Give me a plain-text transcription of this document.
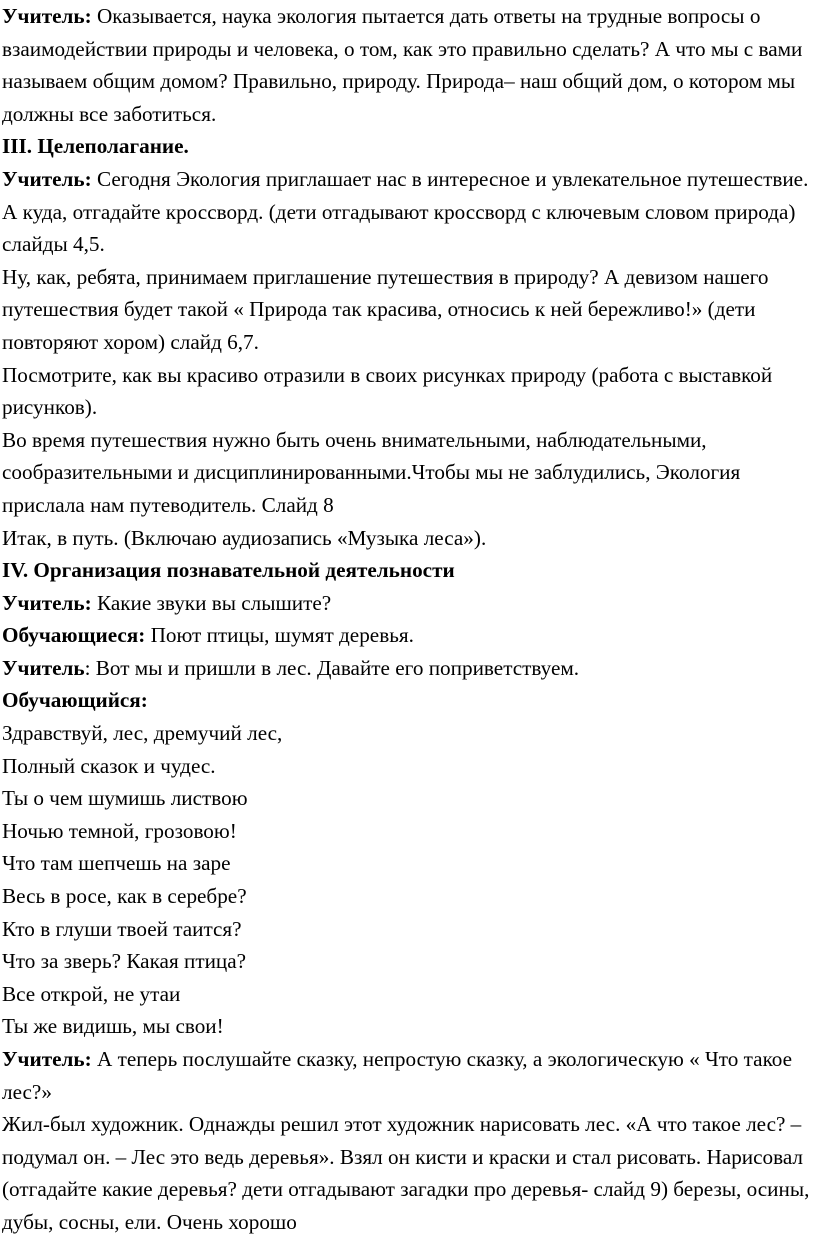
Учитель: Оказывается, наука экология пытается дать ответы на трудные вопросы о взаимодействии природы и человека, о том, как это правильно сделать? А что мы с вами называем общим домом? Правильно, природу. Природа– наш общий дом, о котором мы должны все заботиться.

III. Целеполагание.

Учитель: Сегодня Экология приглашает нас в интересное и увлекательное путешествие. А куда, отгадайте кроссворд. (дети отгадывают кроссворд с ключевым словом природа) слайды 4,5.

Ну, как, ребята, принимаем приглашение путешествия в природу? А девизом нашего путешествия будет такой « Природа так красива, относись к ней бережливо!» (дети повторяют хором) слайд 6,7.

Посмотрите, как вы красиво отразили в своих рисунках природу (работа с выставкой рисунков).

Во время путешествия нужно быть очень внимательными, наблюдательными, сообразительными и дисциплинированными.Чтобы мы не заблудились, Экология прислала нам путеводитель. Слайд 8

Итак, в путь. (Включаю аудиозапись «Музыка леса»).

IV. Организация познавательной деятельности

Учитель: Какие звуки вы слышите?

Обучающиеся: Поют птицы, шумят деревья.

Учитель: Вот мы и пришли в лес. Давайте его поприветствуем.

Обучающийся:

Здравствуй, лес, дремучий лес,

Полный сказок и чудес.

Ты о чем шумишь листвою

Ночью темной, грозовою!

Что там шепчешь на заре

Весь в росе, как в серебре?

Кто в глуши твоей таится?

Что за зверь? Какая птица?

Все открой, не утаи

Ты же видишь, мы свои!

Учитель: А теперь послушайте сказку, непростую сказку, а экологическую « Что такое лес?»

Жил-был художник. Однажды решил этот художник нарисовать лес. «А что такое лес? – подумал он. – Лес это ведь деревья». Взял он кисти и краски и стал рисовать. Нарисовал (отгадайте какие деревья? дети отгадывают загадки про деревья- слайд 9) березы, осины, дубы, сосны, ели. Очень хорошо
